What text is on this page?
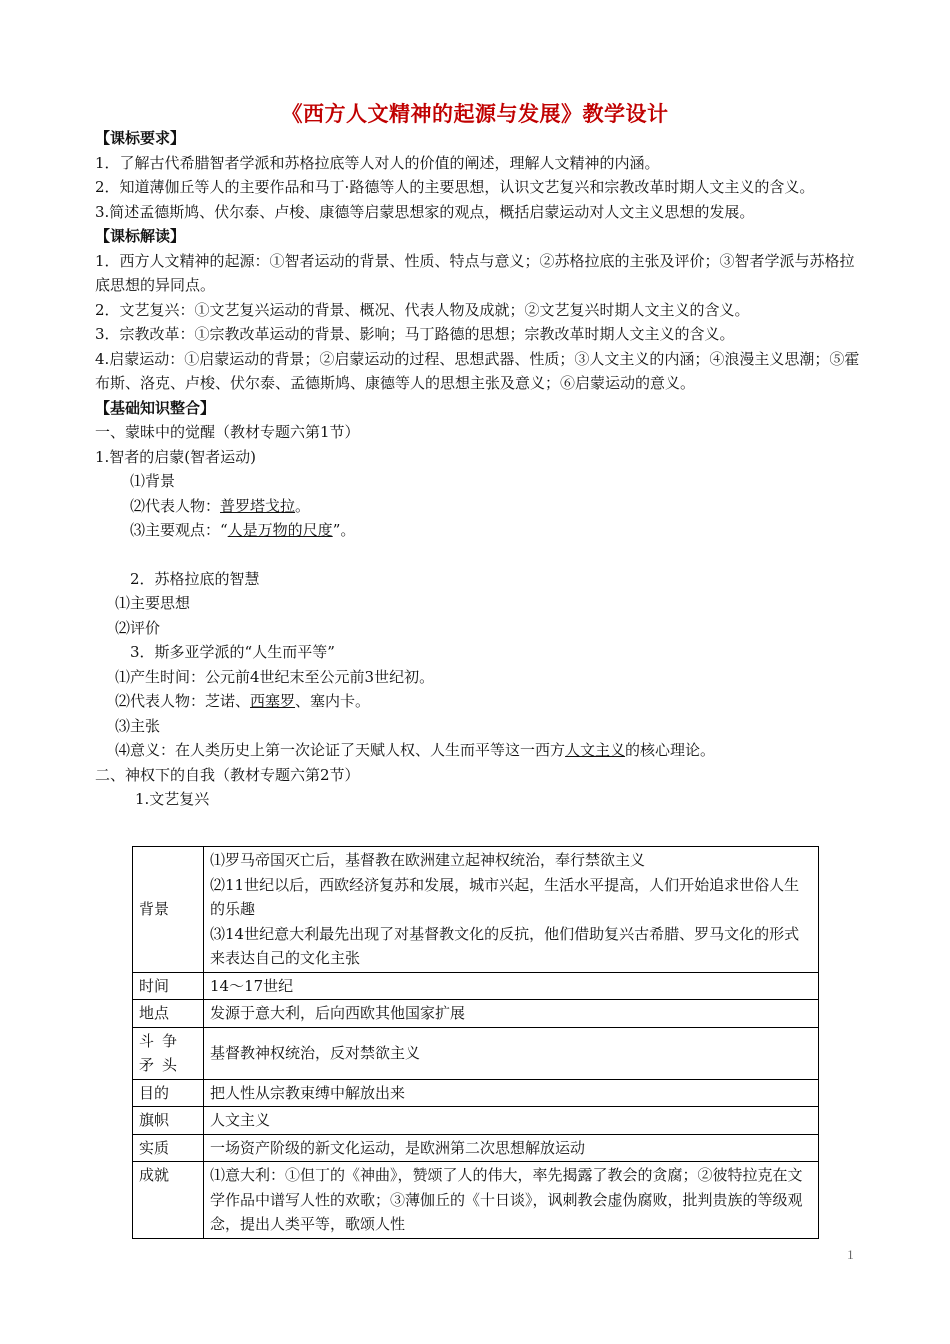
《西方人文精神的起源与发展》教学设计

【课标要求】

1．了解古代希腊智者学派和苏格拉底等人对人的价值的阐述，理解人文精神的内涵。

2．知道薄伽丘等人的主要作品和马丁·路德等人的主要思想，认识文艺复兴和宗教改革时期人文主义的含义。

3.简述孟德斯鸠、伏尔泰、卢梭、康德等启蒙思想家的观点，概括启蒙运动对人文主义思想的发展。

【课标解读】

1．西方人文精神的起源：①智者运动的背景、性质、特点与意义；②苏格拉底的主张及评价；③智者学派与苏格拉底思想的异同点。

2．文艺复兴：①文艺复兴运动的背景、概况、代表人物及成就；②文艺复兴时期人文主义的含义。

3．宗教改革：①宗教改革运动的背景、影响；马丁路德的思想；宗教改革时期人文主义的含义。

4.启蒙运动：①启蒙运动的背景；②启蒙运动的过程、思想武器、性质；③人文主义的内涵；④浪漫主义思潮；⑤霍布斯、洛克、卢梭、伏尔泰、孟德斯鸠、康德等人的思想主张及意义；⑥启蒙运动的意义。

【基础知识整合】

一、蒙昧中的觉醒（教材专题六第1节）

1.智者的启蒙(智者运动)

⑴背景

⑵代表人物：普罗塔戈拉。

⑶主要观点：“人是万物的尺度”。

2．苏格拉底的智慧

⑴主要思想

⑵评价

3．斯多亚学派的“人生而平等”

⑴产生时间：公元前4世纪末至公元前3世纪初。

⑵代表人物：芝诺、西塞罗、塞内卡。

⑶主张

⑷意义：在人类历史上第一次论证了天赋人权、人生而平等这一西方人文主义的核心理论。

二、神权下的自我（教材专题六第2节）

1.文艺复兴

背景	⑴罗马帝国灭亡后，基督教在欧洲建立起神权统治，奉行禁欲主义
⑵11世纪以后，西欧经济复苏和发展，城市兴起，生活水平提高，人们开始追求世俗人生的乐趣
⑶14世纪意大利最先出现了对基督教文化的反抗，他们借助复兴古希腊、罗马文化的形式来表达自己的文化主张

时间	14～17世纪
地点	发源于意大利，后向西欧其他国家扩展
斗争矛头	基督教神权统治，反对禁欲主义
目的	把人性从宗教束缚中解放出来
旗帜	人文主义
实质	一场资产阶级的新文化运动，是欧洲第二次思想解放运动
成就	⑴意大利：①但丁的《神曲》，赞颂了人的伟大，率先揭露了教会的贪腐；②彼特拉克在文学作品中谱写人性的欢歌；③薄伽丘的《十日谈》，讽刺教会虚伪腐败，批判贵族的等级观念，提出人类平等，歌颂人性
１
